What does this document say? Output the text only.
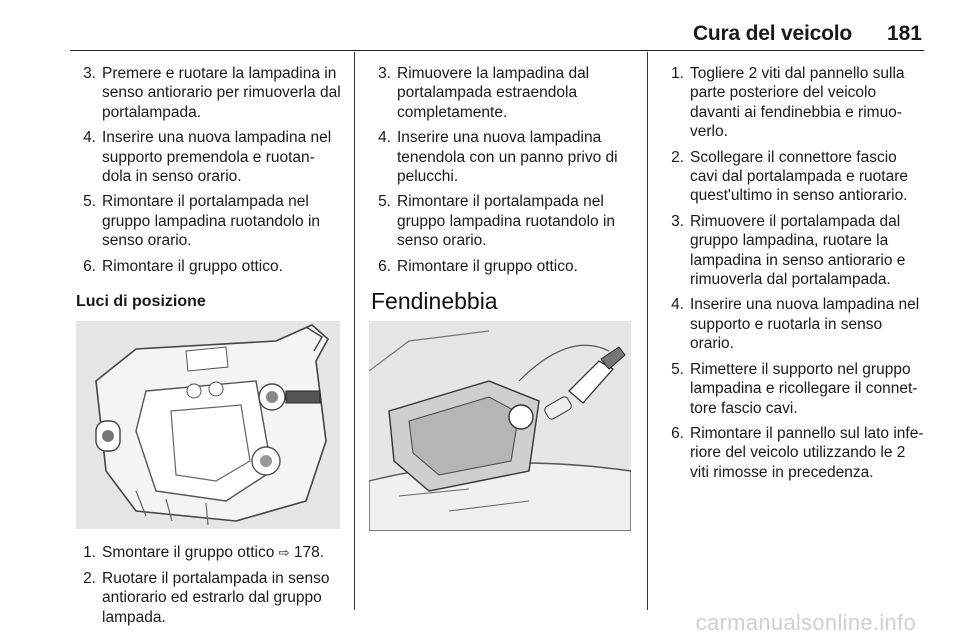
Cura del veicolo 181
3. Premere e ruotare la lampadina in senso antiorario per rimuoverla dal portalampada.
4. Inserire una nuova lampadina nel supporto premendola e ruotan-dola in senso orario.
5. Rimontare il portalampada nel gruppo lampadina ruotandolo in senso orario.
6. Rimontare il gruppo ottico.
Luci di posizione
1. Smontare il gruppo ottico ⇨ 178.
2. Ruotare il portalampada in senso antiorario ed estrarlo dal gruppo lampada.
3. Rimuovere la lampadina dal portalampada estraendola completamente.
4. Inserire una nuova lampadina tenendola con un panno privo di pelucchi.
5. Rimontare il portalampada nel gruppo lampadina ruotandolo in senso orario.
6. Rimontare il gruppo ottico.
Fendinebbia
1. Togliere 2 viti dal pannello sulla parte posteriore del veicolo davanti ai fendinebbia e rimuo-verlo.
2. Scollegare il connettore fascio cavi dal portalampada e ruotare quest'ultimo in senso antiorario.
3. Rimuovere il portalampada dal gruppo lampadina, ruotare la lampadina in senso antiorario e rimuoverla dal portalampada.
4. Inserire una nuova lampadina nel supporto e ruotarla in senso orario.
5. Rimettere il supporto nel gruppo lampadina e ricollegare il connet-tore fascio cavi.
6. Rimontare il pannello sul lato infe-riore del veicolo utilizzando le 2 viti rimosse in precedenza.
carmanualsonline.info
